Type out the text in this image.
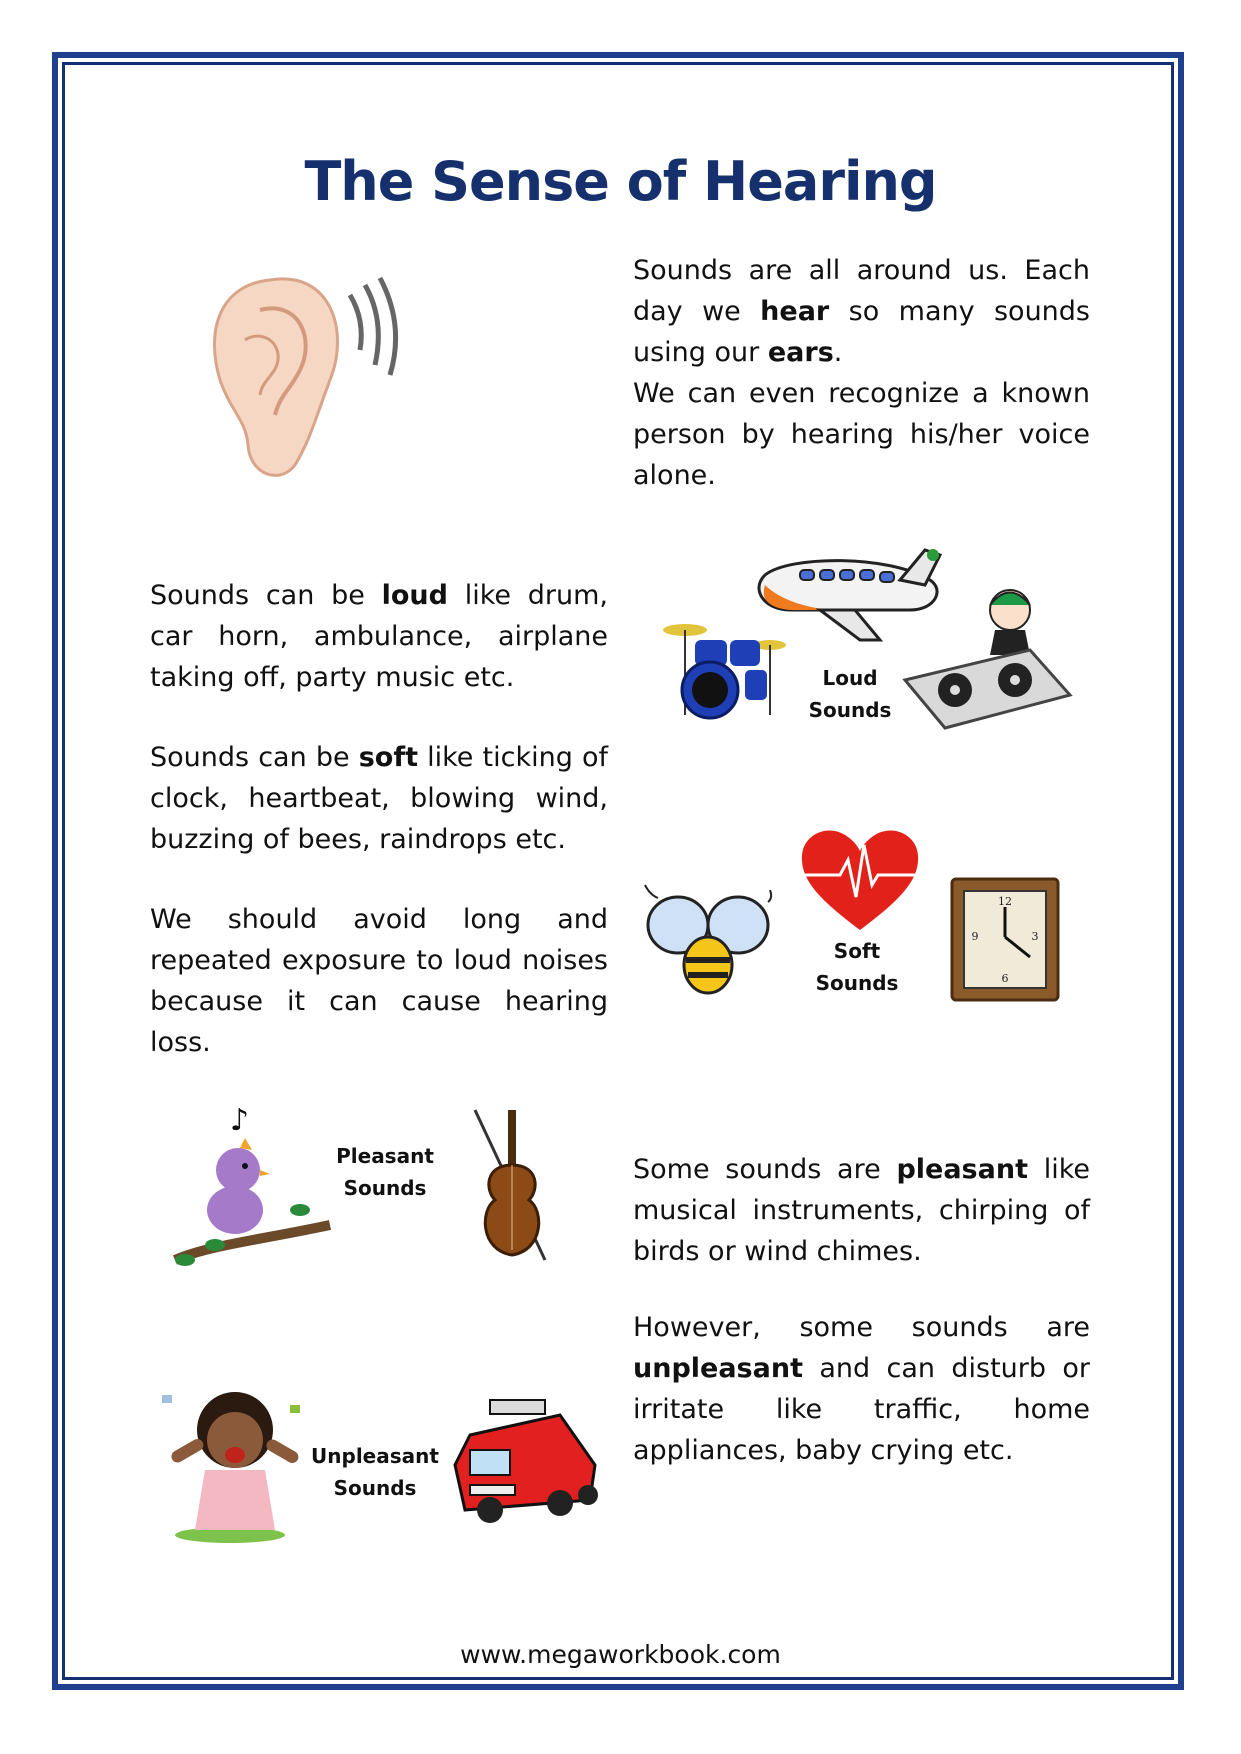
The Sense of Hearing
Sounds are all around us. Each day we hear so many sounds using our ears.
We can even recognize a known person by hearing his/her voice alone.
Sounds can be loud like drum, car horn, ambulance, airplane taking off, party music etc.	Loud
Sounds
Sounds can be soft like ticking of clock, heartbeat, blowing wind, buzzing of bees, raindrops etc.
12
3
6
9
Soft
Sounds
We should avoid long and repeated exposure to loud noises because it can cause hearing loss.
♪
Pleasant
Sounds
Some sounds are pleasant like musical instruments, chirping of birds or wind chimes.
However, some sounds are unpleasant and can disturb or irritate like traffic, home appliances, baby crying etc.
Unpleasant
Sounds
www.megaworkbook.com
